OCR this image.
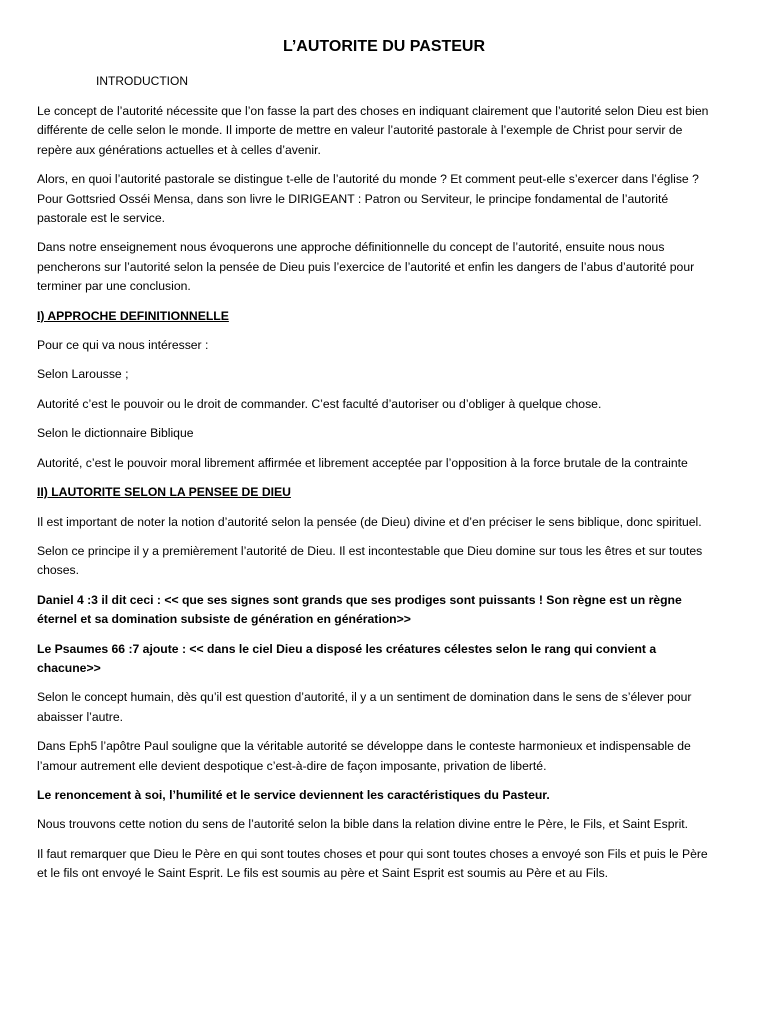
L’AUTORITE DU PASTEUR
INTRODUCTION

Le concept de l’autorité nécessite que l’on fasse la part des choses en indiquant clairement que l’autorité selon Dieu est bien différente de celle selon le monde. Il importe de mettre en valeur l’autorité pastorale à l’exemple de Christ pour servir de repère aux générations actuelles et à celles d’avenir.

Alors, en quoi l’autorité pastorale se distingue t-elle de l’autorité du monde ? Et comment peut-elle s’exercer dans l’église ? Pour Gottsried Osséi Mensa, dans son livre le DIRIGEANT : Patron ou Serviteur, le principe fondamental de l’autorité pastorale est le service.

Dans notre enseignement nous évoquerons une approche définitionnelle du concept de l’autorité, ensuite nous nous pencherons sur l’autorité selon la pensée de Dieu puis l’exercice de l’autorité et enfin les dangers de l’abus d’autorité pour terminer par une conclusion.

I) APPROCHE DEFINITIONNELLE

Pour ce qui va nous intéresser :

Selon Larousse ;

Autorité c’est le pouvoir ou le droit de commander. C’est faculté d’autoriser ou d’obliger à quelque chose.

Selon le dictionnaire Biblique

Autorité, c’est le pouvoir moral librement affirmée et librement acceptée par l’opposition à la force brutale de la contrainte

II) LAUTORITE SELON LA PENSEE DE DIEU

Il est important de noter la notion d’autorité selon la pensée (de Dieu) divine et d’en préciser le sens biblique, donc spirituel.

Selon ce principe il y a premièrement l’autorité de Dieu. Il est incontestable que Dieu domine sur tous les êtres et sur toutes choses.

Daniel 4 :3 il dit ceci : << que ses signes sont grands que ses prodiges sont puissants ! Son règne est un règne éternel et sa domination subsiste de génération en génération>>

Le Psaumes 66 :7 ajoute : << dans le ciel Dieu a disposé les créatures célestes selon le rang qui convient a chacune>>

Selon le concept humain, dès qu’il est question d’autorité, il y a un sentiment de domination dans le sens de s’élever pour abaisser l’autre.

Dans Eph5 l’apôtre Paul souligne que la véritable autorité se développe dans le conteste harmonieux et indispensable de l’amour autrement elle devient despotique c’est-à-dire de façon imposante, privation de liberté.

Le renoncement à soi, l’humilité et le service deviennent les caractéristiques du Pasteur.

Nous trouvons cette notion du sens de l’autorité selon la bible dans la relation divine entre le Père, le Fils, et Saint Esprit.

Il faut remarquer que Dieu le Père en qui sont toutes choses et pour qui sont toutes choses a envoyé son Fils et puis le Père et le fils ont envoyé le Saint Esprit. Le fils est soumis au père et Saint Esprit est soumis au Père et au Fils.
